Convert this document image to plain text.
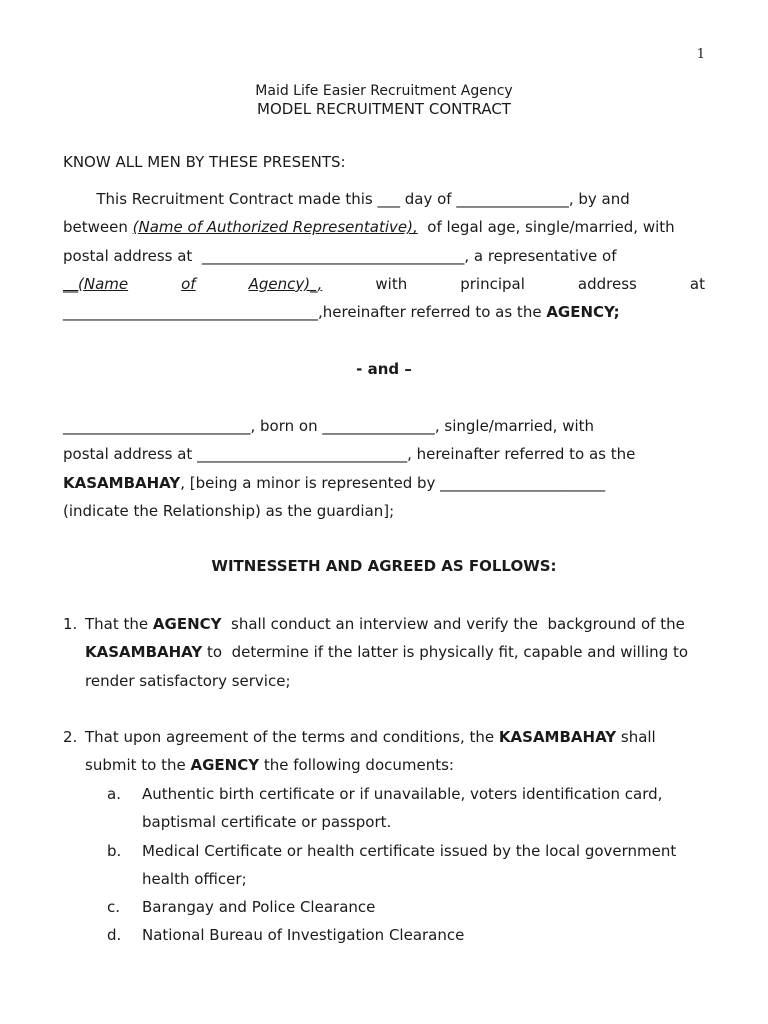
1
Maid Life Easier Recruitment Agency
MODEL RECRUITMENT CONTRACT
KNOW ALL MEN BY THESE PRESENTS:
This Recruitment Contract made this ___ day of _______________, by and
between (Name of Authorized Representative), of legal age, single/married, with
postal address at  ___________________________________, a representative of
__(Name	of	Agency)_,	with	principal	address	at
__________________________________,hereinafter referred to as the AGENCY;
- and –
_________________________, born on _______________, single/married, with
postal address at ____________________________, hereinafter referred to as the
KASAMBAHAY , [being a minor is represented by ______________________
(indicate the Relationship) as the guardian];
WITNESSETH AND AGREED AS FOLLOWS:
1. That the AGENCY shall conduct an interview and verify the  background of the
KASAMBAHAY to  determine if the latter is physically fit, capable and willing to
render satisfactory service;
2. That upon agreement of the terms and conditions, the KASAMBAHAY shall
submit to the AGENCY the following documents:
a. Authentic birth certificate or if unavailable, voters identification card,
baptismal certificate or passport.
b. Medical Certificate or health certificate issued by the local government
health officer;
c. Barangay and Police Clearance
d. National Bureau of Investigation Clearance
